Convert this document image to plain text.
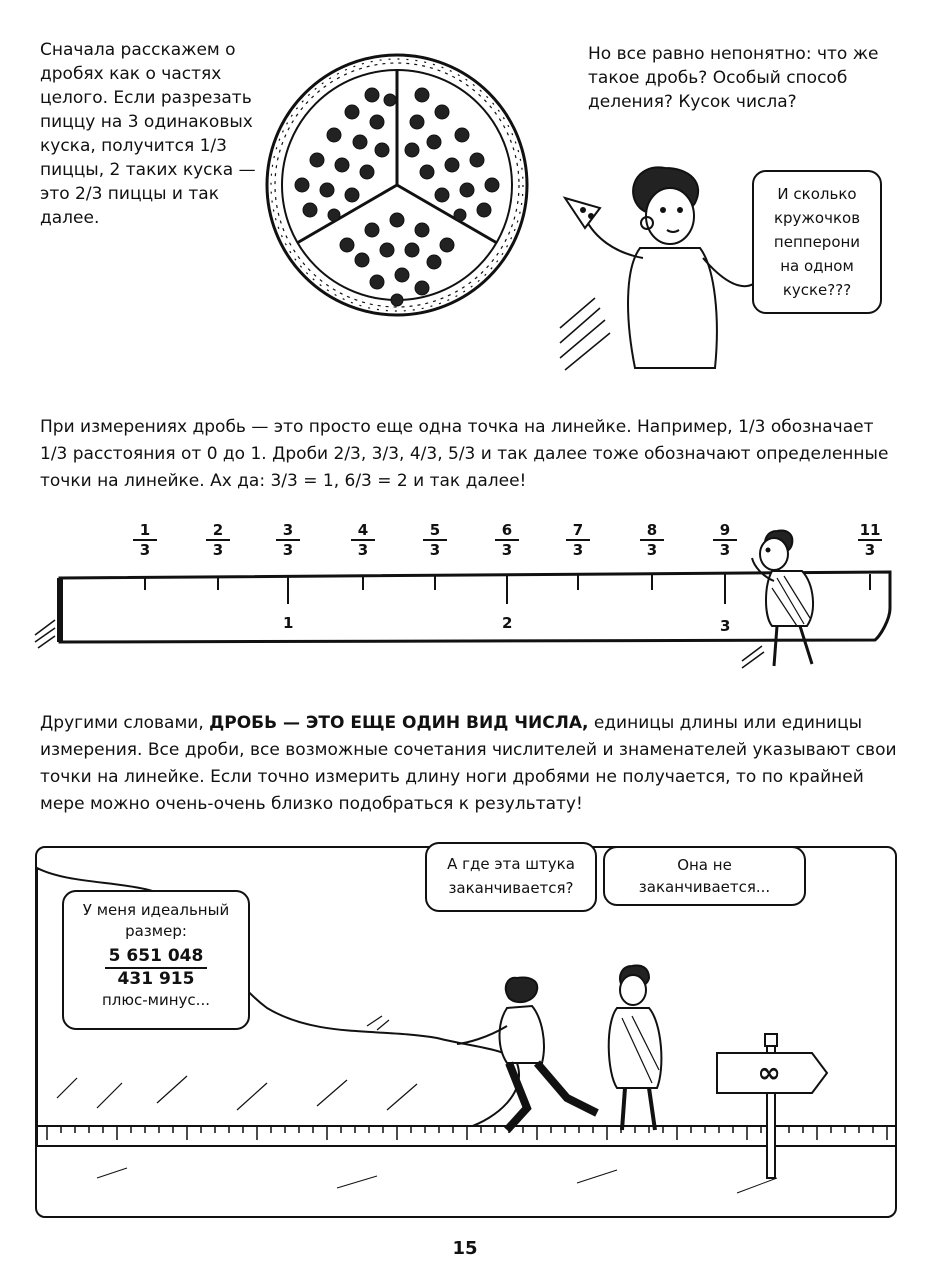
Сначала расскажем о дробях как о частях целого. Если разрезать пиццу на 3 одинаковых куска, получится 1/3 пиццы, 2 таких куска — это 2/3 пиццы и так далее.
Но все равно непонятно: что же такое дробь? Особый способ деления? Кусок числа?
И сколько кружочков пепперони на одном куске???
При измерениях дробь — это просто еще одна точка на линейке. Например, 1/3 обозначает 1/3 расстояния от 0 до 1. Дроби 2/3, 3/3, 4/3, 5/3 и так далее тоже обозначают определенные точки на линейке. Ах да: 3/3 = 1, 6/3 = 2 и так далее!
$\frac{1}{3}$	$\frac{2}{3}$	$\frac{3}{3}$	$\frac{4}{3}$	$\frac{5}{3}$	$\frac{6}{3}$	$\frac{7}{3}$	$\frac{8}{3}$	$\frac{9}{3}$	$\frac{11}{3}$
1	2	3
Другими словами, ДРОБЬ — ЭТО ЕЩЕ ОДИН ВИД ЧИСЛА, единицы длины или единицы измерения. Все дроби, все возможные сочетания числителей и знаменателей указывают свои точки на линейке. Если точно измерить длину ноги дробями не получается, то по крайней мере можно очень-очень близко подобраться к результату!
∞
У меня идеальный
размер:
5 651 048
431 915
плюс-минус...
А где эта штука заканчивается?
Она не заканчивается...
15
